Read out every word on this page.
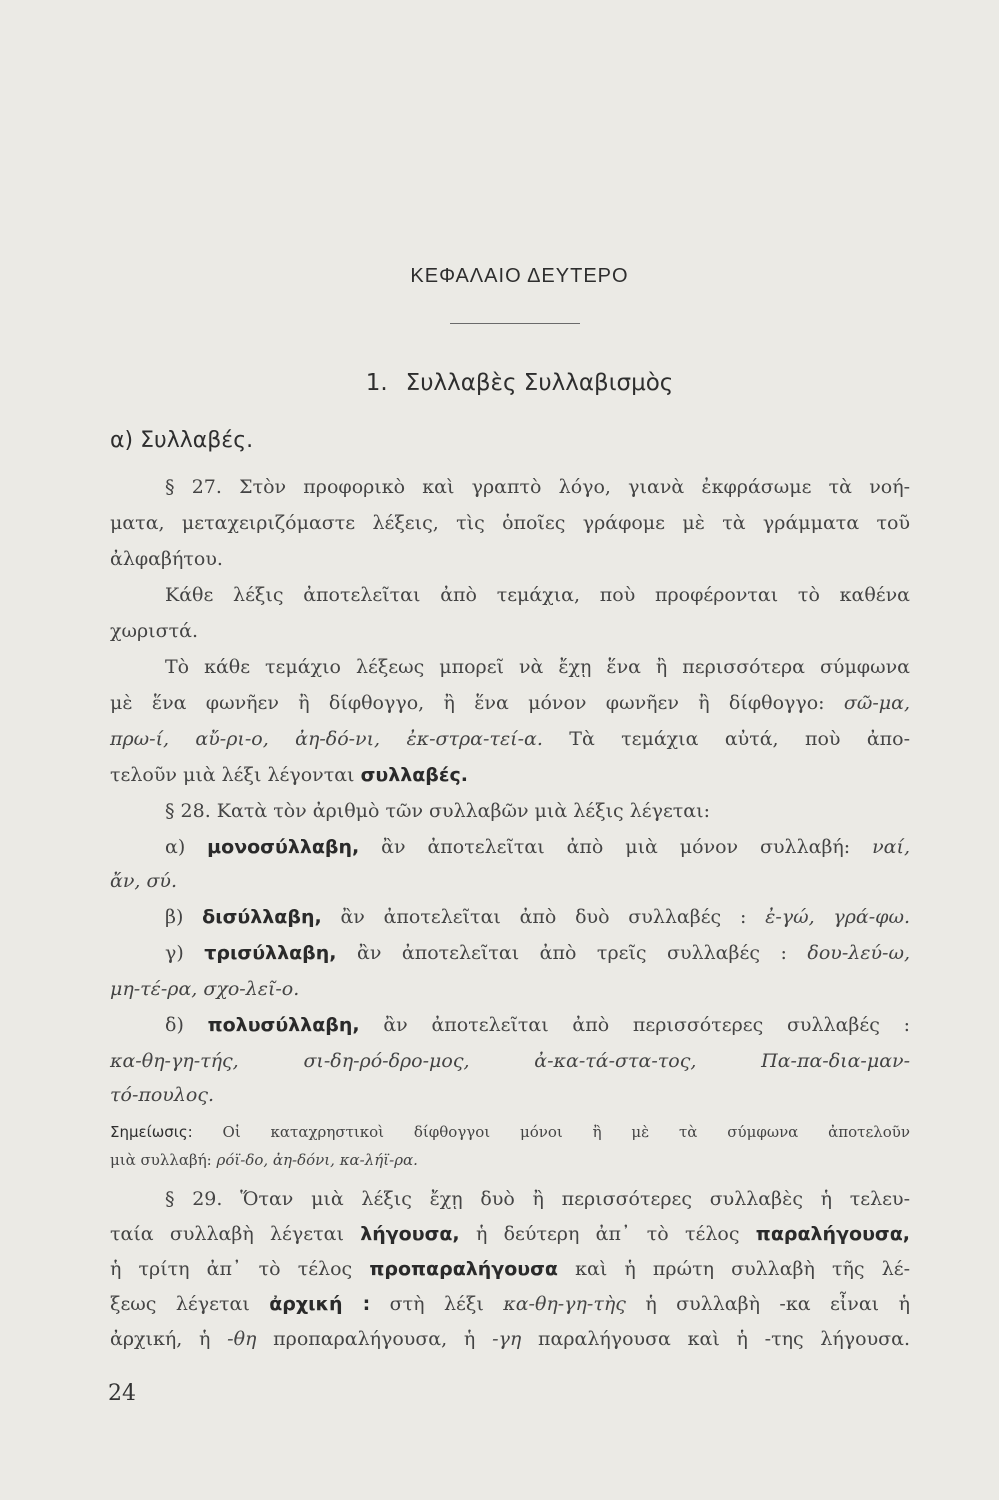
ΚΕΦΑΛΑΙΟ ΔΕΥΤΕΡΟ
1. Συλλαβὲς Συλλαβισμὸς
α) Συλλαβές.
§ 27. Στὸν προφορικὸ καὶ γραπτὸ λόγο, γιανὰ ἐκφράσωμε τὰ νοή-
ματα, μεταχειριζόμαστε λέξεις, τὶς ὁποῖες γράφομε μὲ τὰ γράμματα τοῦ
ἀλφαβήτου.
Κάθε λέξις ἀποτελεῖται ἀπὸ τεμάχια, ποὺ προφέρονται τὸ καθένα
χωριστά.
Τὸ κάθε τεμάχιο λέξεως μπορεῖ νὰ ἔχῃ ἕνα ἢ περισσότερα σύμφωνα
μὲ ἕνα φωνῆεν ἢ δίφθογγο, ἢ ἕνα μόνον φωνῆεν ἢ δίφθογγο: σῶ-μα,
πρω-ί, αὔ-ρι-ο, ἀη-δό-νι, ἐκ-στρα-τεί-α. Τὰ τεμάχια αὐτά, ποὺ ἀπο-
τελοῦν μιὰ λέξι λέγονται συλλαβές.
§ 28. Κατὰ τὸν ἀριθμὸ τῶν συλλαβῶν μιὰ λέξις λέγεται:
α) μονοσύλλαβη, ἂν ἀποτελεῖται ἀπὸ μιὰ μόνον συλλαβή: ναί,
ἄν, σύ.
β) δισύλλαβη, ἂν ἀποτελεῖται ἀπὸ δυὸ συλλαβές : ἐ-γώ, γρά-φω.
γ) τρισύλλαβη, ἂν ἀποτελεῖται ἀπὸ τρεῖς συλλαβές : δου-λεύ-ω,
μη-τέ-ρα, σχο-λεῖ-ο.
δ) πολυσύλλαβη, ἂν ἀποτελεῖται ἀπὸ περισσότερες συλλαβές :
κα-θη-γη-τής, σι-δη-ρό-δρο-μος, ἀ-κα-τά-στα-τος, Πα-πα-δια-μαν-
τό-πουλος.
Σημείωσις: Οἱ καταχρηστικοὶ δίφθογγοι μόνοι ἢ μὲ τὰ σύμφωνα ἀποτελοῦν
μιὰ συλλαβή: ρόϊ-δο, ἀη-δόνι, κα-λήϊ-ρα.
§ 29. Ὅταν μιὰ λέξις ἔχῃ δυὸ ἢ περισσότερες συλλαβὲς ἡ τελευ-
ταία συλλαβὴ λέγεται λήγουσα, ἡ δεύτερη ἀπ᾽ τὸ τέλος παραλήγουσα,
ἡ τρίτη ἀπ᾽ τὸ τέλος προπαραλήγουσα καὶ ἡ πρώτη συλλαβὴ τῆς λέ-
ξεως λέγεται ἀρχική : στὴ λέξι κα-θη-γη-τὴς ἡ συλλαβὴ -κα εἶναι ἡ
ἀρχική, ἡ -θη προπαραλήγουσα, ἡ -γη παραλήγουσα καὶ ἡ -της λήγουσα.
24
